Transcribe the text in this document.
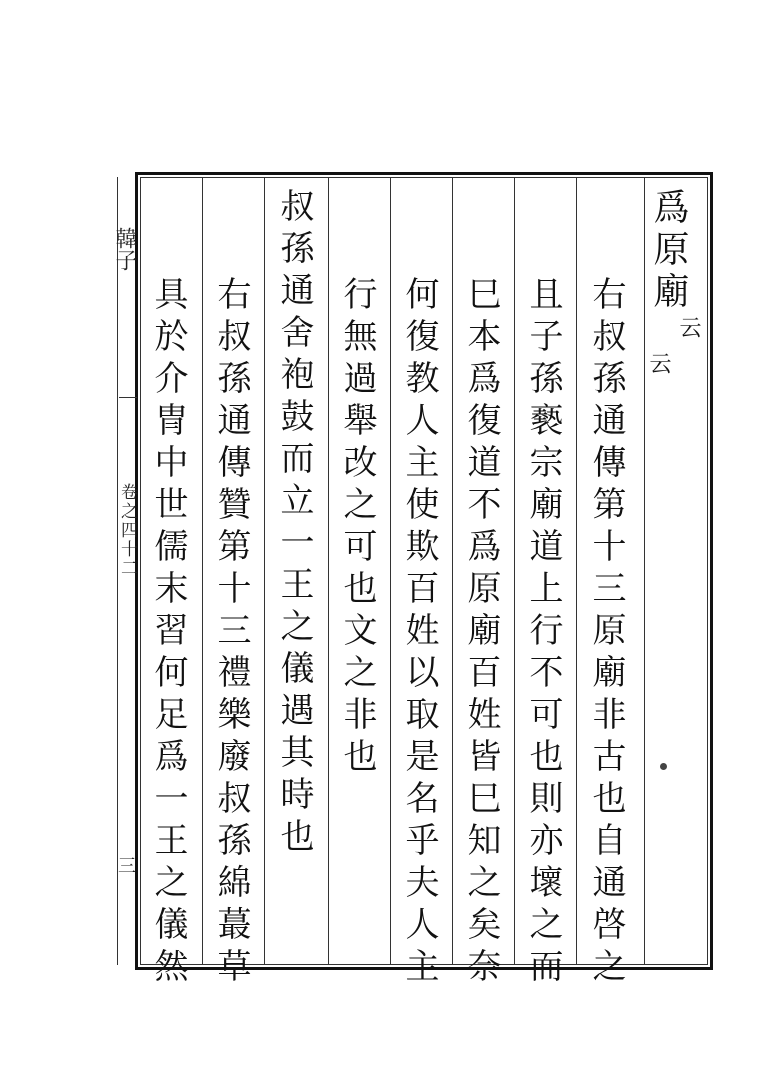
韓子
卷之四十二
三
爲原廟
云
云
右叔孫通傳第十三原廟非古也自通啓之
且子孫褻宗廟道上行不可也則亦壞之而
巳本爲復道不爲原廟百姓皆巳知之矣奈
何復教人主使欺百姓以取是名乎夫人主
行無過舉改之可也文之非也
叔孫通舍袍鼓而立一王之儀遇其時也
右叔孫通傳贊第十三禮樂廢叔孫綿蕞草
具於介冑中世儒末習何足爲一王之儀然
